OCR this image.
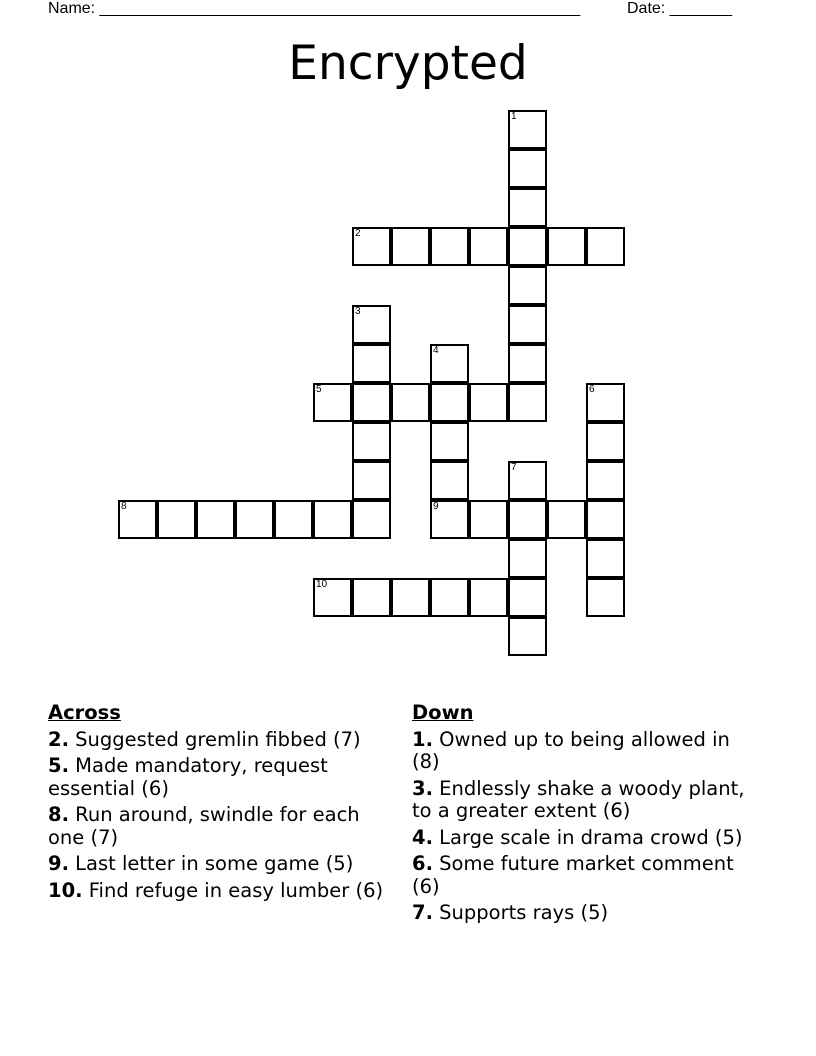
Name: ______________________________________________________	Date: _______
Encrypted
1
2
3
4
9
5	6
7
8
10
Across
2. Suggested gremlin fibbed (7)
5. Made mandatory, request essential (6)
8. Run around, swindle for each one (7)
9. Last letter in some game (5)
10. Find refuge in easy lumber (6)
Down
1. Owned up to being allowed in (8)
3. Endlessly shake a woody plant, to a greater extent (6)
4. Large scale in drama crowd (5)
6. Some future market comment (6)
7. Supports rays (5)
